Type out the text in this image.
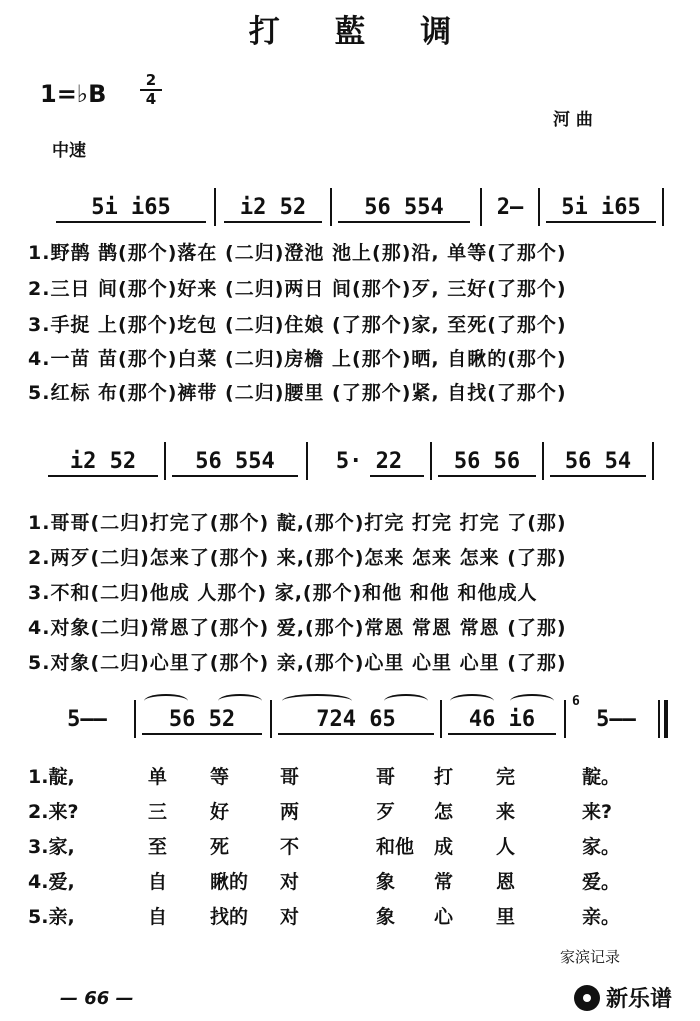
打 藍 调
1=♭B	2
4
河 曲
中速
5i i65	i2 52	56 554	2—	5i i65
1.野鹊 鹊(那个)落在 (二归)澄池 池上(那)沿, 单等(了那个)
2.三日 间(那个)好来 (二归)两日 间(那个)歹, 三好(了那个)
3.手捉 上(那个)圪包 (二归)住娘 (了那个)家, 至死(了那个)
4.一苗 苗(那个)白菜 (二归)房檐 上(那个)晒, 自瞅的(那个)
5.红标 布(那个)裤带 (二归)腰里 (了那个)紧, 自找(了那个)
i2 52	56 554	5· 22	56 56	56 54
1.哥哥(二归)打完了(那个) 靛,(那个)打完 打完 打完 了(那)
2.两歹(二归)怎来了(那个) 来,(那个)怎来 怎来 怎来 (了那)
3.不和(二归)他成 人那个) 家,(那个)和他 和他 和他成人
4.对象(二归)常恩了(那个) 爱,(那个)常恩 常恩 常恩 (了那)
5.对象(二归)心里了(那个) 亲,(那个)心里 心里 心里 (了那)
5——	56 52	724 65	46 i6
6
5——
1.靛,	单 等	哥	哥 打 完	靛。
2.来?	三 好	两	歹 怎 来	来?
3.家,	至 死	不	和他 成 人	家。
4.爱,	自 瞅的 对	象 常 恩	爱。
5.亲,	自 找的 对	象 心 里	亲。
家滨记录
— 66 —	新乐谱
